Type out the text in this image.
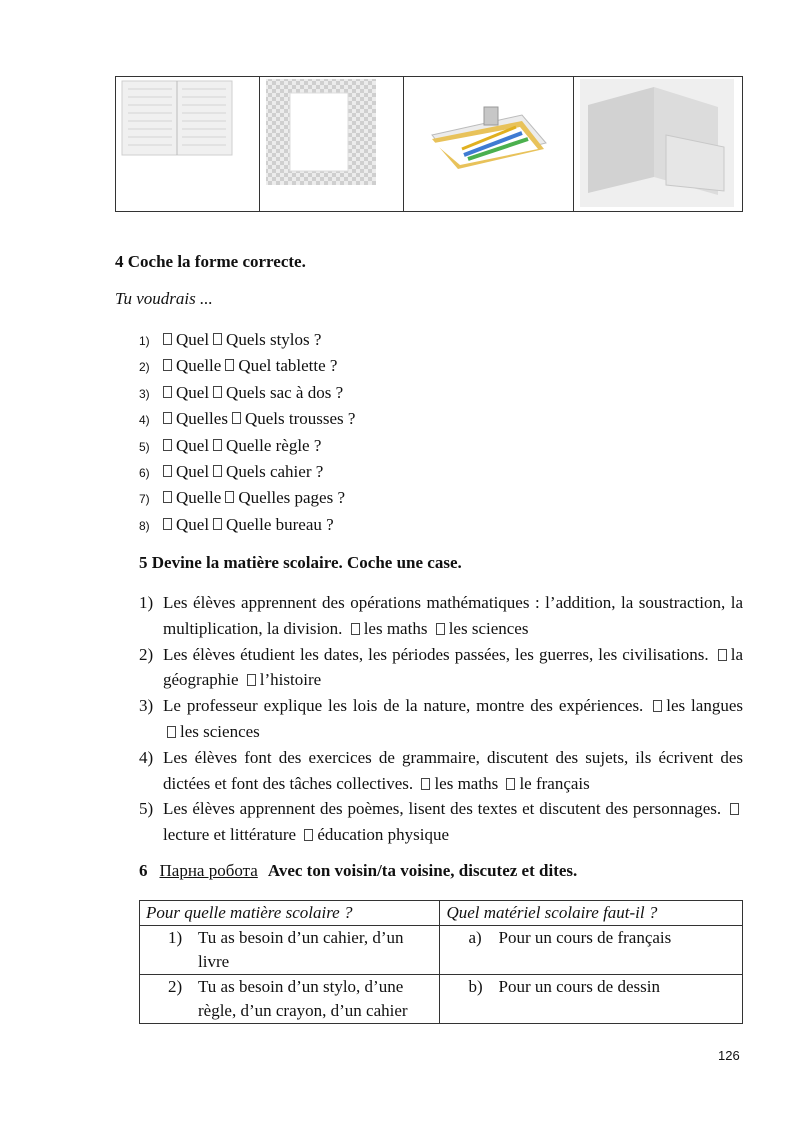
4 Coche la forme correcte.
Tu voudrais ...
1)	Quel Quels stylos ?
2)	Quelle Quel tablette ?
3)	Quel Quels sac à dos ?
4)	Quelles Quels trousses ?
5)	Quel Quelle règle ?
6)	Quel Quels cahier ?
7)	Quelle Quelles pages ?
8)	Quel Quelle bureau ?
5 Devine la matière scolaire. Coche une case.
1) Les élèves apprennent des opérations mathématiques : l’addition, la soustraction, la multiplication, la division. les maths les sciences
2) Les élèves étudient les dates, les périodes passées, les guerres, les civilisations. la géographie l’histoire
3) Le professeur explique les lois de la nature, montre des expériences. les langues les sciences
4) Les élèves font des exercices de grammaire, discutent des sujets, ils écrivent des dictées et font des tâches collectives. les maths le français
5) Les élèves apprennent des poèmes, lisent des textes et discutent des personnages. lecture et littérature éducation physique
6 Парна робота Avec ton voisin/ta voisine, discutez et dites.
Pour quelle matière scolaire ?	Quel matériel scolaire faut-il ?

1) Tu as besoin d’un cahier, d’un livre	a) Pour un cours de français

2) Tu as besoin d’un stylo, d’une règle, d’un crayon, d’un cahier	b) Pour un cours de dessin
126
